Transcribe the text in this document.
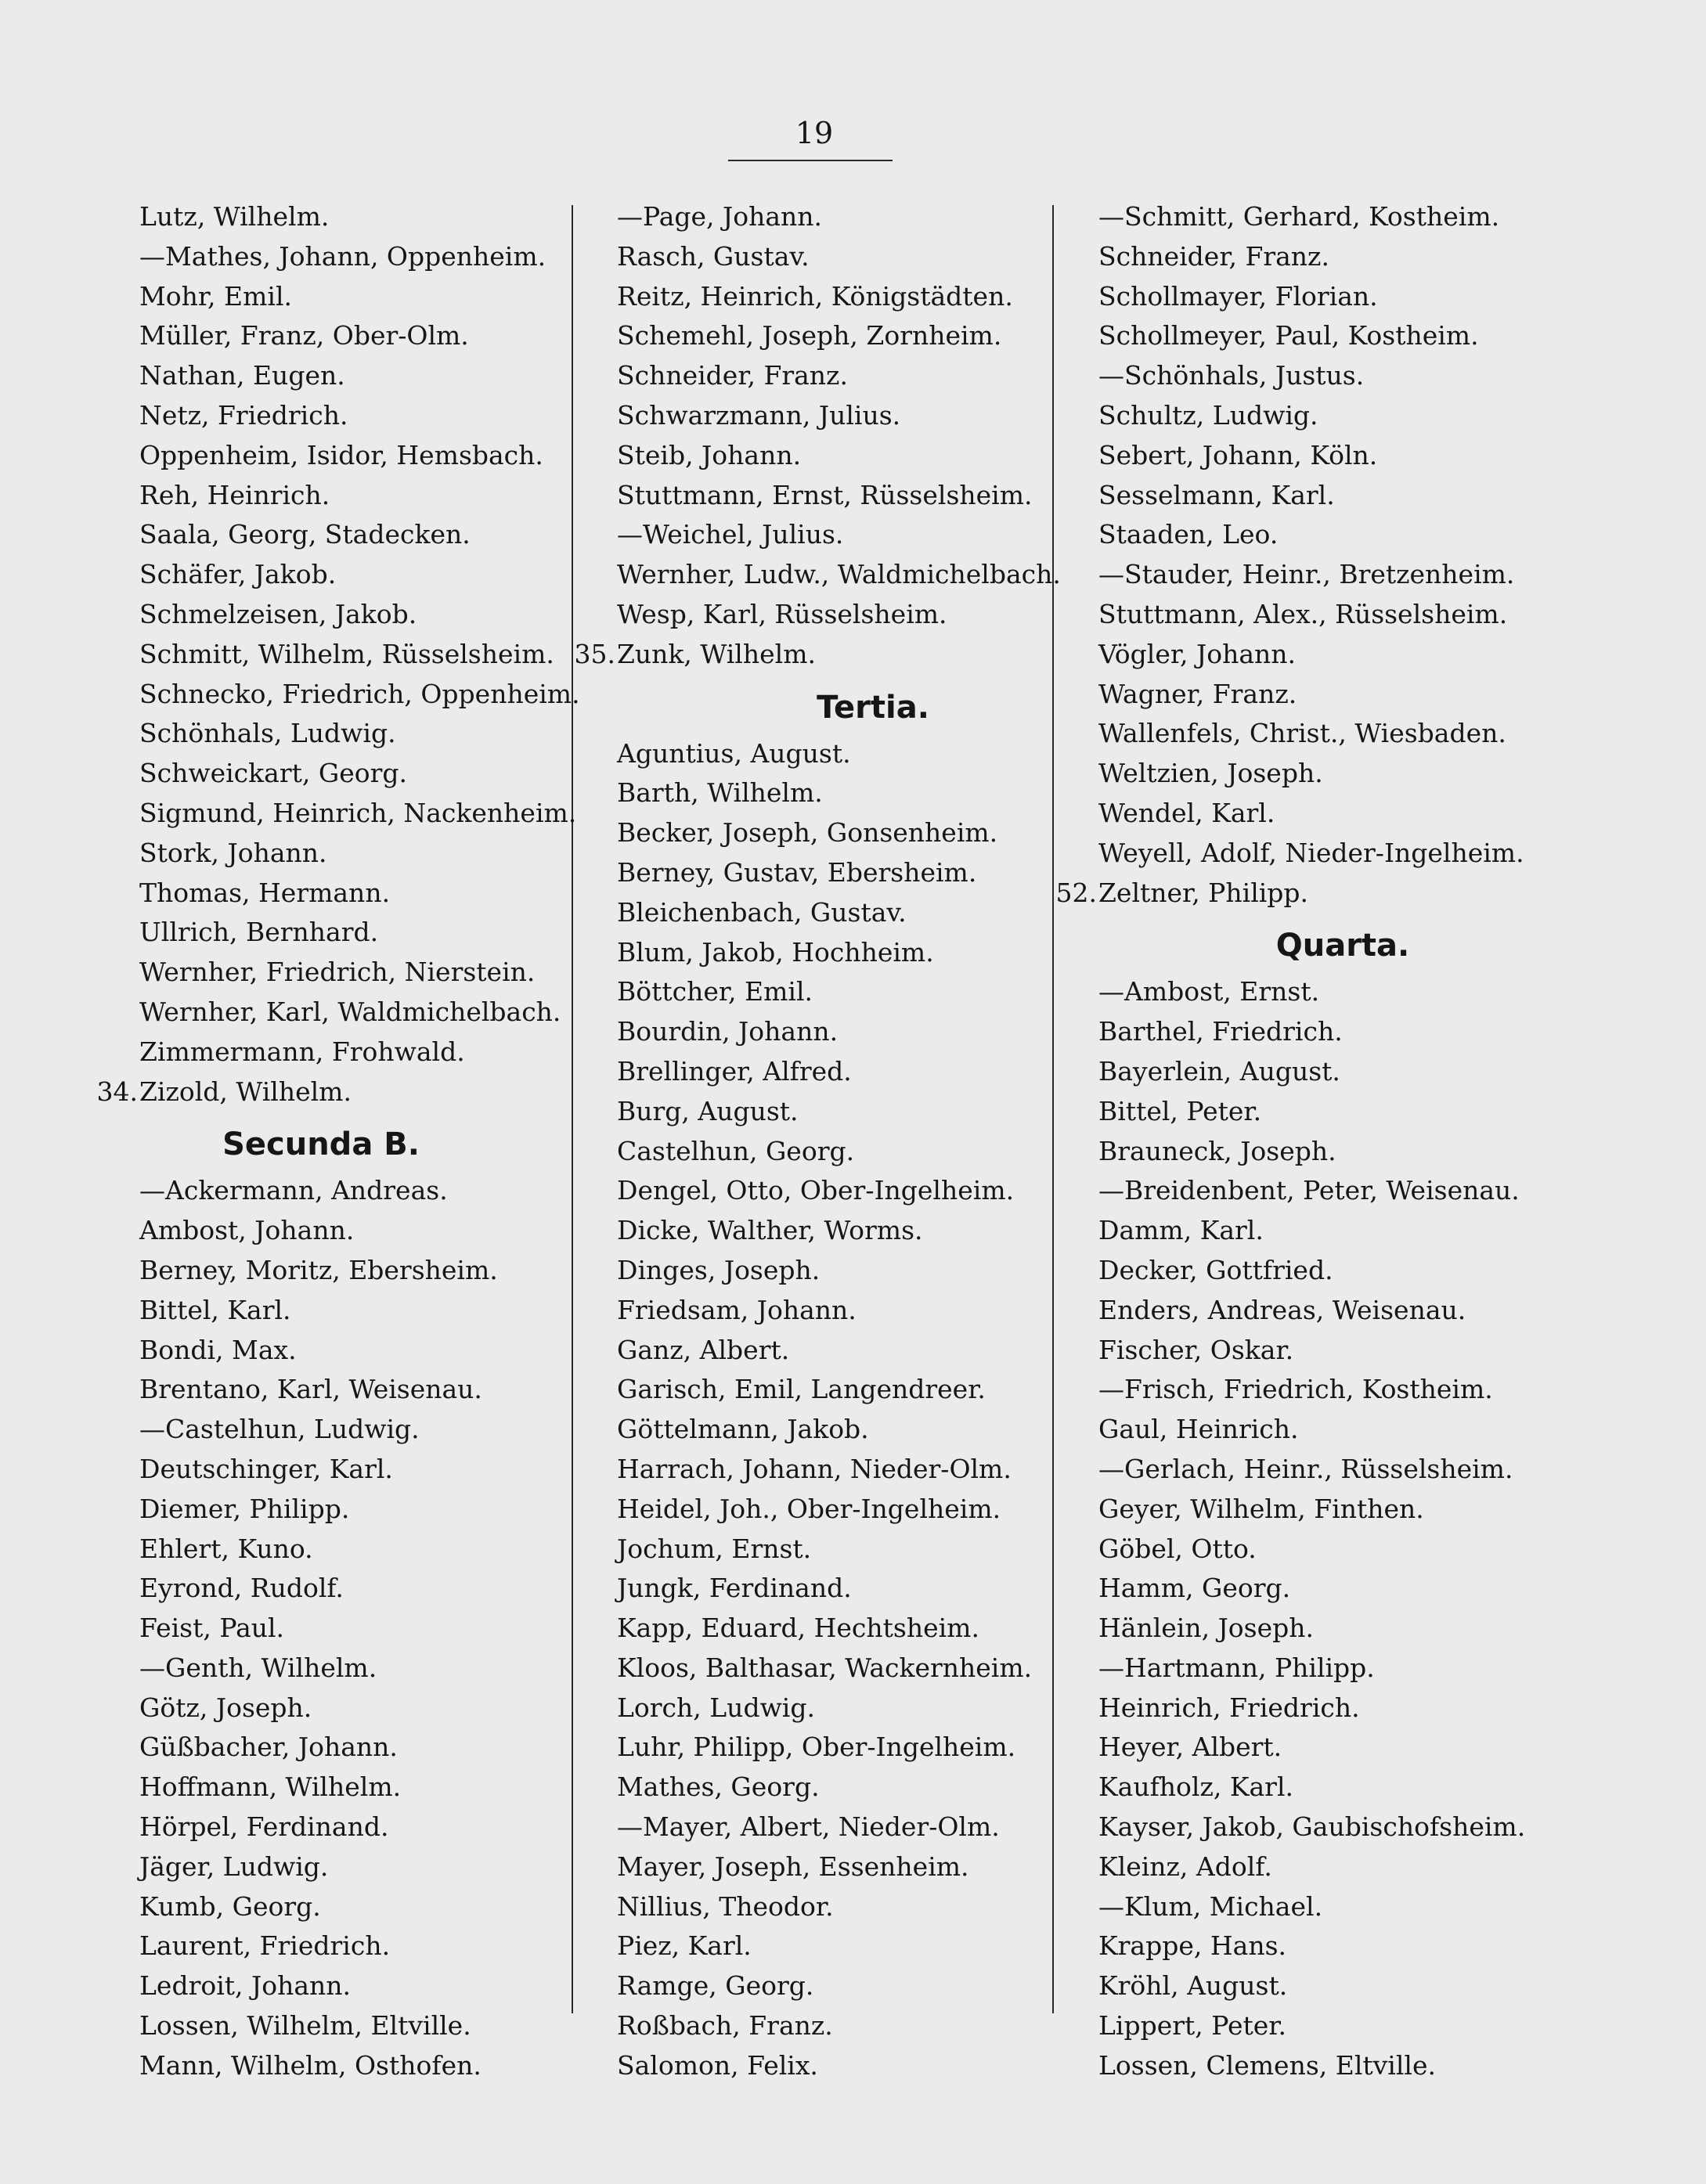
19
Lutz, Wilhelm.
—Mathes, Johann, Oppenheim.
Mohr, Emil.
Müller, Franz, Ober-Olm.
Nathan, Eugen.
Netz, Friedrich.
Oppenheim, Isidor, Hemsbach.
Reh, Heinrich.
Saala, Georg, Stadecken.
Schäfer, Jakob.
Schmelzeisen, Jakob.
Schmitt, Wilhelm, Rüsselsheim.
Schnecko, Friedrich, Oppenheim.
Schönhals, Ludwig.
Schweickart, Georg.
Sigmund, Heinrich, Nackenheim.
Stork, Johann.
Thomas, Hermann.
Ullrich, Bernhard.
Wernher, Friedrich, Nierstein.
Wernher, Karl, Waldmichelbach.
Zimmermann, Frohwald.
34. Zizold, Wilhelm.
Secunda B.
—Ackermann, Andreas.
Ambost, Johann.
Berney, Moritz, Ebersheim.
Bittel, Karl.
Bondi, Max.
Brentano, Karl, Weisenau.
—Castelhun, Ludwig.
Deutschinger, Karl.
Diemer, Philipp.
Ehlert, Kuno.
Eyrond, Rudolf.
Feist, Paul.
—Genth, Wilhelm.
Götz, Joseph.
Güßbacher, Johann.
Hoffmann, Wilhelm.
Hörpel, Ferdinand.
Jäger, Ludwig.
Kumb, Georg.
Laurent, Friedrich.
Ledroit, Johann.
Lossen, Wilhelm, Eltville.
Mann, Wilhelm, Osthofen.
—Page, Johann.
Rasch, Gustav.
Reitz, Heinrich, Königstädten.
Schemehl, Joseph, Zornheim.
Schneider, Franz.
Schwarzmann, Julius.
Steib, Johann.
Stuttmann, Ernst, Rüsselsheim.
—Weichel, Julius.
Wernher, Ludw., Waldmichelbach.
Wesp, Karl, Rüsselsheim.
35. Zunk, Wilhelm.
Tertia.
Aguntius, August.
Barth, Wilhelm.
Becker, Joseph, Gonsenheim.
Berney, Gustav, Ebersheim.
Bleichenbach, Gustav.
Blum, Jakob, Hochheim.
Böttcher, Emil.
Bourdin, Johann.
Brellinger, Alfred.
Burg, August.
Castelhun, Georg.
Dengel, Otto, Ober-Ingelheim.
Dicke, Walther, Worms.
Dinges, Joseph.
Friedsam, Johann.
Ganz, Albert.
Garisch, Emil, Langendreer.
Göttelmann, Jakob.
Harrach, Johann, Nieder-Olm.
Heidel, Joh., Ober-Ingelheim.
Jochum, Ernst.
Jungk, Ferdinand.
Kapp, Eduard, Hechtsheim.
Kloos, Balthasar, Wackernheim.
Lorch, Ludwig.
Luhr, Philipp, Ober-Ingelheim.
Mathes, Georg.
—Mayer, Albert, Nieder-Olm.
Mayer, Joseph, Essenheim.
Nillius, Theodor.
Piez, Karl.
Ramge, Georg.
Roßbach, Franz.
Salomon, Felix.
—Schmitt, Gerhard, Kostheim.
Schneider, Franz.
Schollmayer, Florian.
Schollmeyer, Paul, Kostheim.
—Schönhals, Justus.
Schultz, Ludwig.
Sebert, Johann, Köln.
Sesselmann, Karl.
Staaden, Leo.
—Stauder, Heinr., Bretzenheim.
Stuttmann, Alex., Rüsselsheim.
Vögler, Johann.
Wagner, Franz.
Wallenfels, Christ., Wiesbaden.
Weltzien, Joseph.
Wendel, Karl.
Weyell, Adolf, Nieder-Ingelheim.
52. Zeltner, Philipp.
Quarta.
—Ambost, Ernst.
Barthel, Friedrich.
Bayerlein, August.
Bittel, Peter.
Brauneck, Joseph.
—Breidenbent, Peter, Weisenau.
Damm, Karl.
Decker, Gottfried.
Enders, Andreas, Weisenau.
Fischer, Oskar.
—Frisch, Friedrich, Kostheim.
Gaul, Heinrich.
—Gerlach, Heinr., Rüsselsheim.
Geyer, Wilhelm, Finthen.
Göbel, Otto.
Hamm, Georg.
Hänlein, Joseph.
—Hartmann, Philipp.
Heinrich, Friedrich.
Heyer, Albert.
Kaufholz, Karl.
Kayser, Jakob, Gaubischofsheim.
Kleinz, Adolf.
—Klum, Michael.
Krappe, Hans.
Kröhl, August.
Lippert, Peter.
Lossen, Clemens, Eltville.
